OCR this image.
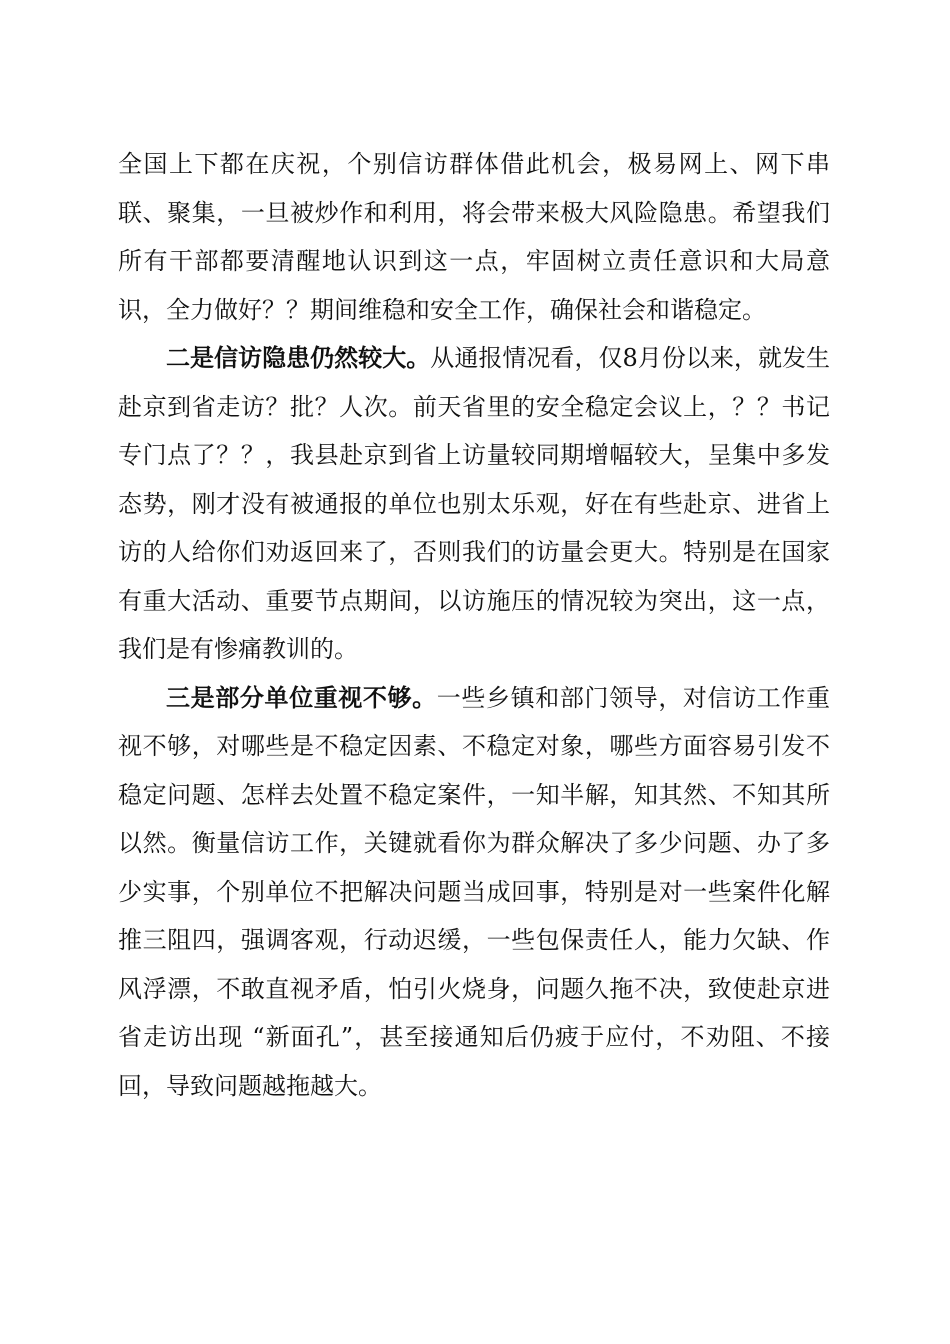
全国上下都在庆祝，个别信访群体借此机会，极易网上、网下串联、聚集，一旦被炒作和利用，将会带来极大风险隐患。希望我们所有干部都要清醒地认识到这一点，牢固树立责任意识和大局意识，全力做好？？期间维稳和安全工作，确保社会和谐稳定。

二是信访隐患仍然较大。从通报情况看，仅8月份以来，就发生赴京到省走访？批？人次。前天省里的安全稳定会议上，？？书记专门点了？？，我县赴京到省上访量较同期增幅较大，呈集中多发态势，刚才没有被通报的单位也别太乐观，好在有些赴京、进省上访的人给你们劝返回来了，否则我们的访量会更大。特别是在国家有重大活动、重要节点期间，以访施压的情况较为突出，这一点，我们是有惨痛教训的。

三是部分单位重视不够。一些乡镇和部门领导，对信访工作重视不够，对哪些是不稳定因素、不稳定对象，哪些方面容易引发不稳定问题、怎样去处置不稳定案件，一知半解，知其然、不知其所以然。衡量信访工作，关键就看你为群众解决了多少问题、办了多少实事，个别单位不把解决问题当成回事，特别是对一些案件化解推三阻四，强调客观，行动迟缓，一些包保责任人，能力欠缺、作风浮漂，不敢直视矛盾，怕引火烧身，问题久拖不决，致使赴京进省走访出现 “新面孔”，甚至接通知后仍疲于应付，不劝阻、不接回，导致问题越拖越大。
